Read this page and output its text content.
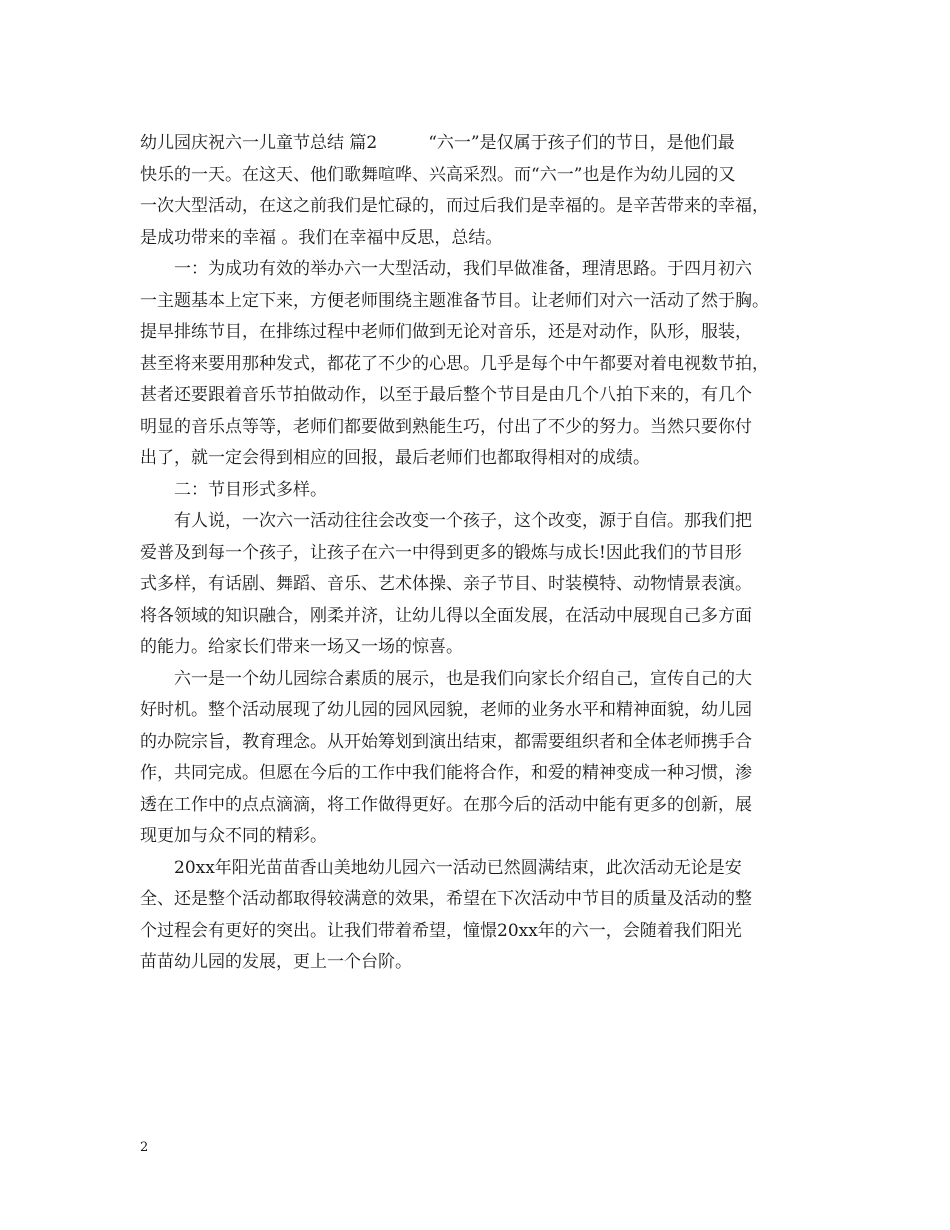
幼儿园庆祝六一儿童节总结 篇2　　　“六一”是仅属于孩子们的节日，是他们最
快乐的一天。在这天、他们歌舞喧哗、兴高采烈。而“六一”也是作为幼儿园的又
一次大型活动，在这之前我们是忙碌的，而过后我们是幸福的。是辛苦带来的幸福，
是成功带来的幸福 。我们在幸福中反思，总结。
一：为成功有效的举办六一大型活动，我们早做准备，理清思路。于四月初六
一主题基本上定下来，方便老师围绕主题准备节目。让老师们对六一活动了然于胸。
提早排练节目，在排练过程中老师们做到无论对音乐，还是对动作，队形，服装，
甚至将来要用那种发式，都花了不少的心思。几乎是每个中午都要对着电视数节拍，
甚者还要跟着音乐节拍做动作，以至于最后整个节目是由几个八拍下来的，有几个
明显的音乐点等等，老师们都要做到熟能生巧，付出了不少的努力。当然只要你付
出了，就一定会得到相应的回报，最后老师们也都取得相对的成绩。
二：节目形式多样。
有人说，一次六一活动往往会改变一个孩子，这个改变，源于自信。那我们把
爱普及到每一个孩子，让孩子在六一中得到更多的锻炼与成长!因此我们的节目形
式多样，有话剧、舞蹈、音乐、艺术体操、亲子节目、时装模特、动物情景表演。
将各领域的知识融合，刚柔并济，让幼儿得以全面发展，在活动中展现自己多方面
的能力。给家长们带来一场又一场的惊喜。
六一是一个幼儿园综合素质的展示，也是我们向家长介绍自己，宣传自己的大
好时机。整个活动展现了幼儿园的园风园貌，老师的业务水平和精神面貌，幼儿园
的办院宗旨，教育理念。从开始筹划到演出结束，都需要组织者和全体老师携手合
作，共同完成。但愿在今后的工作中我们能将合作，和爱的精神变成一种习惯，渗
透在工作中的点点滴滴，将工作做得更好。在那今后的活动中能有更多的创新，展
现更加与众不同的精彩。
20xx年阳光苗苗香山美地幼儿园六一活动已然圆满结束，此次活动无论是安
全、还是整个活动都取得较满意的效果，希望在下次活动中节目的质量及活动的整
个过程会有更好的突出。让我们带着希望，憧憬20xx年的六一，会随着我们阳光
苗苗幼儿园的发展，更上一个台阶。
2
